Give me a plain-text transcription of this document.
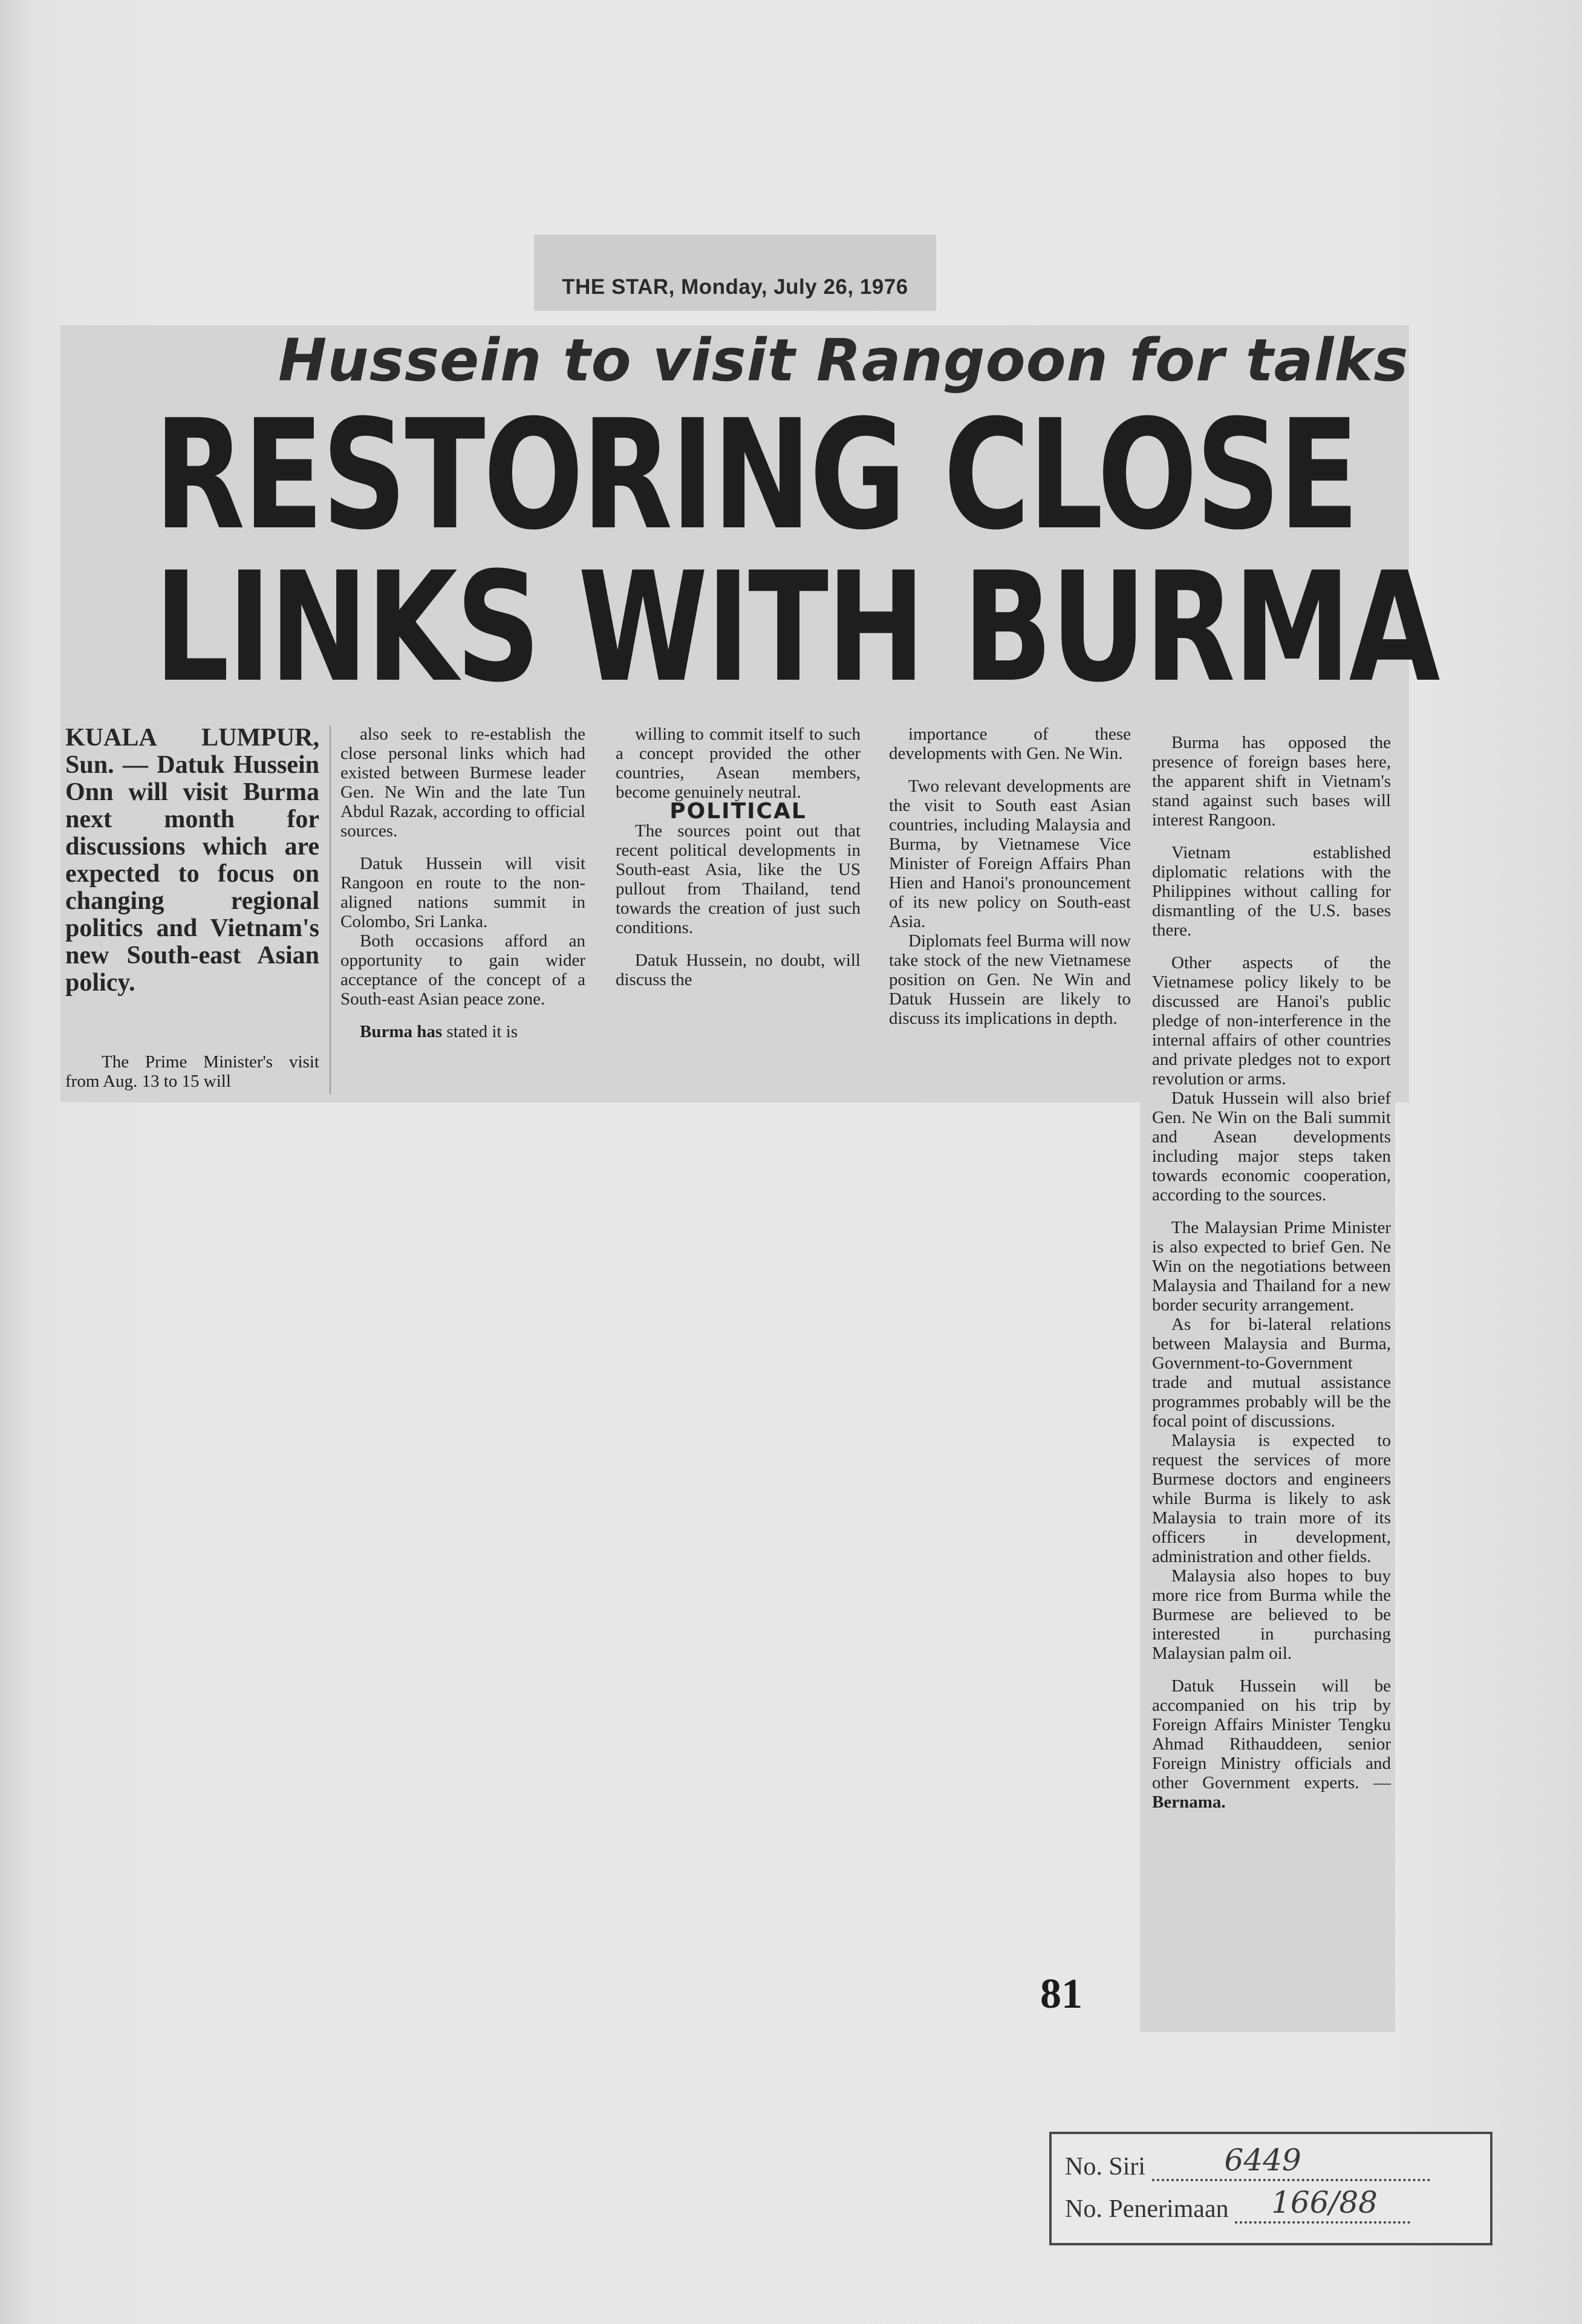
THE STAR, Monday, July 26, 1976
Hussein to visit Rangoon for talks
RESTORING CLOSE
LINKS WITH BURMA

KUALA LUMPUR, Sun. — Datuk Hussein Onn will visit Burma next month for discussions which are expected to focus on changing regional politics and Vietnam's new South-east Asian policy.

The Prime Minister's visit from Aug. 13 to 15 will

also seek to re-establish the close personal links which had existed between Burmese leader Gen. Ne Win and the late Tun Abdul Razak, according to official sources.

Datuk Hussein will visit Rangoon en route to the non-aligned nations summit in Colombo, Sri Lanka.

Both occasions afford an opportunity to gain wider acceptance of the concept of a South-east Asian peace zone.

Burma has stated it is

willing to commit itself to such a concept provided the other countries, Asean members, become genuinely neutral.

POLITICAL

The sources point out that recent political developments in South-east Asia, like the US pullout from Thailand, tend towards the creation of just such conditions.

Datuk Hussein, no doubt, will discuss the

importance of these developments with Gen. Ne Win.

Two relevant developments are the visit to South east Asian countries, including Malaysia and Burma, by Vietnamese Vice Minister of Foreign Affairs Phan Hien and Hanoi's pronouncement of its new policy on South-east Asia.

Diplomats feel Burma will now take stock of the new Vietnamese position on Gen. Ne Win and Datuk Hussein are likely to discuss its implications in depth.

Burma has opposed the presence of foreign bases here, the apparent shift in Vietnam's stand against such bases will interest Rangoon.

Vietnam established diplomatic relations with the Philippines without calling for dismantling of the U.S. bases there.

Other aspects of the Vietnamese policy likely to be discussed are Hanoi's public pledge of non-interference in the internal affairs of other countries and private pledges not to export revolution or arms.

Datuk Hussein will also brief Gen. Ne Win on the Bali summit and Asean developments including major steps taken towards economic cooperation, according to the sources.

The Malaysian Prime Minister is also expected to brief Gen. Ne Win on the negotiations between Malaysia and Thailand for a new border security arrangement.

As for bi-lateral relations between Malaysia and Burma, Government-to-Government trade and mutual assistance programmes probably will be the focal point of discussions.

Malaysia is expected to request the services of more Burmese doctors and engineers while Burma is likely to ask Malaysia to train more of its officers in development, administration and other fields.

Malaysia also hopes to buy more rice from Burma while the Burmese are believed to be interested in purchasing Malaysian palm oil.

Datuk Hussein will be accompanied on his trip by Foreign Affairs Minister Tengku Ahmad Rithauddeen, senior Foreign Ministry officials and other Government experts. — Bernama.

81
No. Siri	6449
No. Penerimaan 166/88
